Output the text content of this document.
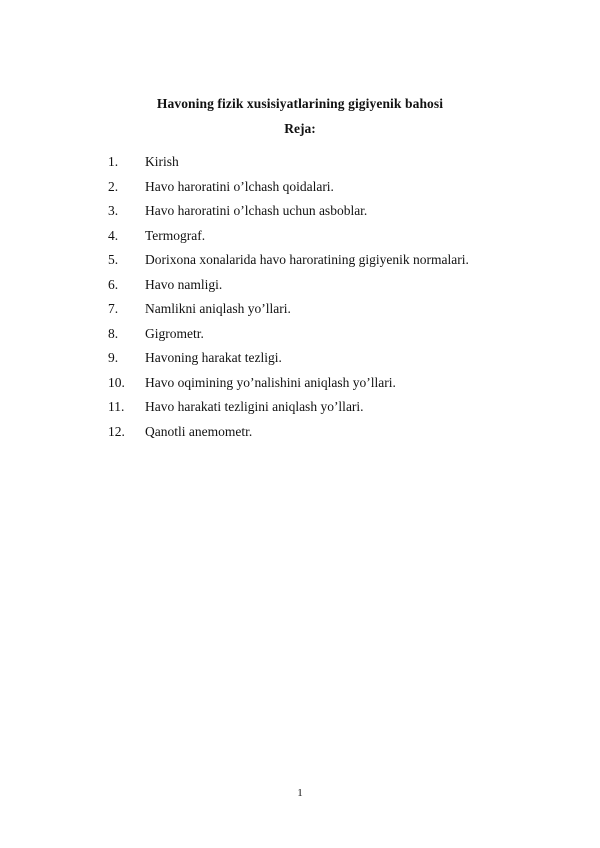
Havoning fizik xusisiyatlarining gigiyenik bahosi
Reja:
1. Kirish
2. Havo haroratini o’lchash qoidalari.
3. Havo haroratini o’lchash uchun asboblar.
4. Termograf.
5. Dorixona xonalarida havo haroratining gigiyenik normalari.
6. Havo namligi.
7. Namlikni aniqlash yo’llari.
8. Gigrometr.
9. Havoning harakat tezligi.
10. Havo oqimining yo’nalishini aniqlash yo’llari.
11. Havo harakati tezligini aniqlash yo’llari.
12. Qanotli anemometr.
1
